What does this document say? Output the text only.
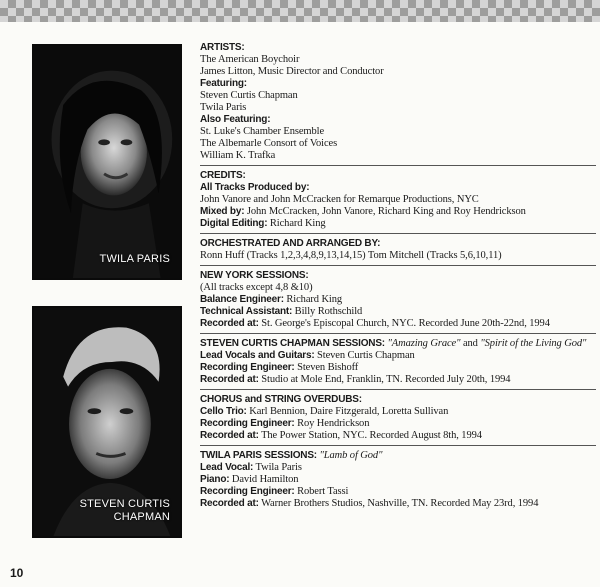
TWILA PARIS
STEVEN CURTIS
CHAPMAN
10
ARTISTS:
The American Boychoir
James Litton, Music Director and Conductor
Featuring:
Steven Curtis Chapman
Twila Paris
Also Featuring:
St. Luke's Chamber Ensemble
The Albemarle Consort of Voices
William K. Trafka
CREDITS:
All Tracks Produced by:
John Vanore and John McCracken for Remarque Productions, NYC
Mixed by: John McCracken, John Vanore, Richard King and Roy Hendrickson
Digital Editing: Richard King
ORCHESTRATED AND ARRANGED BY:
Ronn Huff (Tracks 1,2,3,4,8,9,13,14,15) Tom Mitchell (Tracks 5,6,10,11)
NEW YORK SESSIONS:
(All tracks except 4,8 &10)
Balance Engineer: Richard King
Technical Assistant: Billy Rothschild
Recorded at: St. George's Episcopal Church, NYC. Recorded June 20th-22nd, 1994
STEVEN CURTIS CHAPMAN SESSIONS: "Amazing Grace" and "Spirit of the Living God"
Lead Vocals and Guitars: Steven Curtis Chapman
Recording Engineer: Steven Bishoff
Recorded at: Studio at Mole End, Franklin, TN. Recorded July 20th, 1994
CHORUS and STRING OVERDUBS:
Cello Trio: Karl Bennion, Daire Fitzgerald, Loretta Sullivan
Recording Engineer: Roy Hendrickson
Recorded at: The Power Station, NYC. Recorded August 8th, 1994
TWILA PARIS SESSIONS: "Lamb of God"
Lead Vocal: Twila Paris
Piano: David Hamilton
Recording Engineer: Robert Tassi
Recorded at: Warner Brothers Studios, Nashville, TN. Recorded May 23rd, 1994
